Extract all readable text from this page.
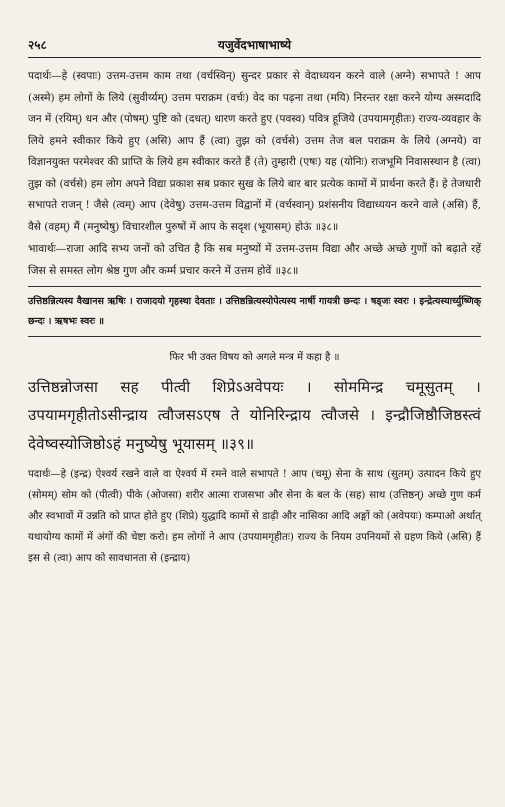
२५८	यजुर्वेदभाषाभाष्ये
पदार्थः—हे (स्वपाः) उत्तम-उत्तम काम तथा (वर्चस्विन्) सुन्दर प्रकार से वेदाध्ययन करने वाले (अग्ने) सभापते ! आप (अस्मे) हम लोगों के लिये (सुवीर्य्यम्) उत्तम पराक्रम (वर्चः) वेद का पढ़ना तथा (मयि) निरन्तर रक्षा करने योग्य अस्मदादि जन में (रयिम्) धन और (पोषम्) पुष्टि को (दधत्) धारण करते हुए (पवस्व) पवित्र हूजिये (उपयामगृहीतः) राज्य-व्यवहार के लिये हमने स्वीकार किये हुए (असि) आप हैं (त्वा) तुझ को (वर्चसे) उत्तम तेज बल पराक्रम के लिये (अग्नये) वा विज्ञानयुक्त परमेश्वर की प्राप्ति के लिये हम स्वीकार करते हैं (ते) तुम्हारी (एषः) यह (योनिः) राजभूमि निवासस्थान है (त्वा) तुझ को (वर्चसे) हम लोग अपने विद्या प्रकाश सब प्रकार सुख के लिये बार बार प्रत्येक कामों में प्रार्थना करते हैं। हे तेजधारी सभापते राजन् ! जैसे (त्वम्) आप (देवेषु) उत्तम-उत्तम विद्वानों में (वर्चस्वान्) प्रशंसनीय विद्याध्ययन करने वाले (असि) हैं, वैसे (वहम्) मैं (मनुष्येषु) विचारशील पुरुषों में आप के सदृश (भूयासम्) होऊं ॥३८॥
भावार्थः—राजा आदि सभ्य जनों को उचित है कि सब मनुष्यों में उत्तम-उत्तम विद्या और अच्छे अच्छे गुणों को बढ़ाते रहें जिस से समस्त लोग श्रेष्ठ गुण और कर्म्म प्रचार करने में उत्तम होवें ॥३८॥
उत्तिष्ठन्नित्यस्य वैखानस ऋषिः । राजादयो गृहस्था देवताः । उत्तिष्ठन्नित्यस्योपेत्यस्य नार्षी गायत्री छन्दः । षड्जः स्वरः । इन्द्रेत्यस्यार्च्युष्णिक् छन्दः । ऋषभः स्वरः ॥
फिर भी उक्त विषय को अगले मन्त्र में कहा है ॥
उत्तिष्ठन्नोजसा सह पीत्वी शिप्रेऽअवेपयः । सोममिन्द्र चमूसुतम् । उपयामगृहीतोऽसीन्द्राय त्वौजसऽएष ते योनिरिन्द्राय त्वौजसे । इन्द्रौजिष्ठौजिष्ठस्त्वं देवेष्वस्योजिष्ठोऽहं मनुष्येषु भूयासम् ॥३९॥
पदार्थः—हे (इन्द्र) ऐश्वर्य रखने वाले वा ऐश्वर्य में रमने वाले सभापते ! आप (चमू) सेना के साथ (सुतम्) उत्पादन किये हुए (सोमम्) सोम को (पीत्वी) पीके (ओजसा) शरीर आत्मा राजसभा और सेना के बल के (सह) साथ (उत्तिष्ठन्) अच्छे गुण कर्म और स्वभावों में उन्नति को प्राप्त होते हुए (शिप्रे) युद्धादि कामों से डाढ़ी और नासिका आदि अङ्गों को (अवेपयः) कम्पाओ अर्थात् यथायोग्य कामों में अंगों की चेष्टा करो। हम लोगों ने आप (उपयामगृहीतः) राज्य के नियम उपनियमों से ग्रहण किये (असि) हैं इस से (त्वा) आप को सावधानता से (इन्द्राय)
